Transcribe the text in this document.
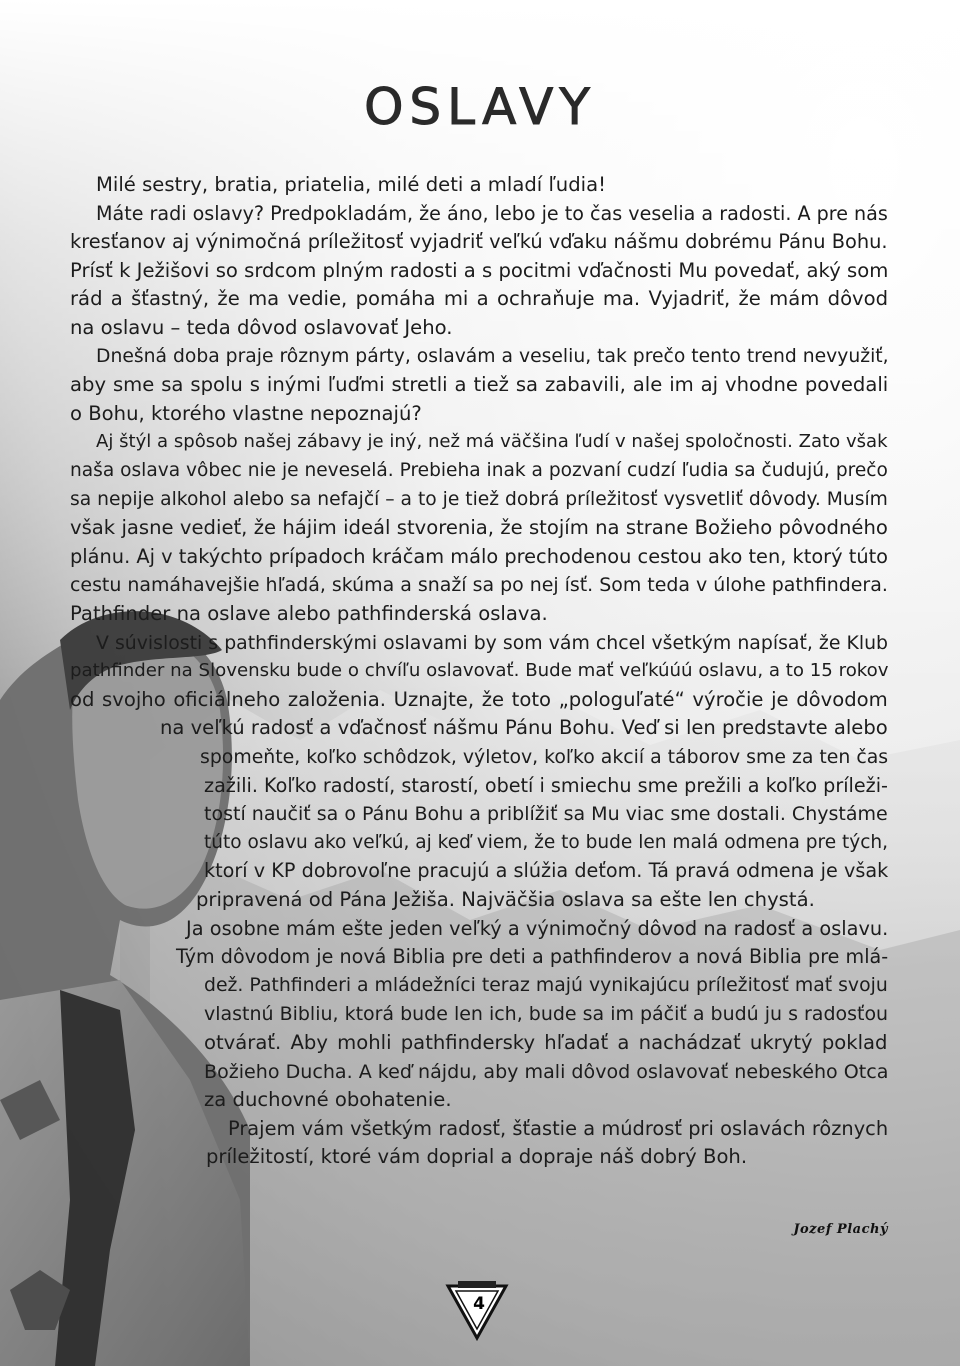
OSLAVY

Milé sestry, bratia, priatelia, milé deti a mladí ľudia!

Máte radi oslavy? Predpokladám, že áno, lebo je to čas veselia a radosti. A pre nás

kresťanov aj výnimočná príležitosť vyjadriť veľkú vďaku nášmu dobrému Pánu Bohu.

Prísť k Ježišovi so srdcom plným radosti a s pocitmi vďačnosti Mu povedať, aký som

rád a šťastný, že ma vedie, pomáha mi a ochraňuje ma. Vyjadriť, že mám dôvod

na oslavu – teda dôvod oslavovať Jeho.

Dnešná doba praje rôznym párty, oslavám a veseliu, tak prečo tento trend nevyužiť,

aby sme sa spolu s inými ľuďmi stretli a tiež sa zabavili, ale im aj vhodne povedali

o Bohu, ktorého vlastne nepoznajú?

Aj štýl a spôsob našej zábavy je iný, než má väčšina ľudí v našej spoločnosti. Zato však

naša oslava vôbec nie je neveselá. Prebieha inak a pozvaní cudzí ľudia sa čudujú, prečo

sa nepije alkohol alebo sa nefajčí – a to je tiež dobrá príležitosť vysvetliť dôvody. Musím

však jasne vedieť, že hájim ideál stvorenia, že stojím na strane Božieho pôvodného

plánu. Aj v takýchto prípadoch kráčam málo prechodenou cestou ako ten, ktorý túto

cestu namáhavejšie hľadá, skúma a snaží sa po nej ísť. Som teda v úlohe pathfindera.

Pathfinder na oslave alebo pathfinderská oslava.

V súvislosti s pathfinderskými oslavami by som vám chcel všetkým napísať, že Klub

pathfinder na Slovensku bude o chvíľu oslavovať. Bude mať veľkúúú oslavu, a to 15 rokov

od svojho oficiálneho založenia. Uznajte, že toto „pologuľaté“ výročie je dôvodom

na veľkú radosť a vďačnosť nášmu Pánu Bohu. Veď si len predstavte alebo

spomeňte, koľko schôdzok, výletov, koľko akcií a táborov sme za ten čas

zažili. Koľko radostí, starostí, obetí i smiechu sme prežili a koľko príleži-

tostí naučiť sa o Pánu Bohu a priblížiť sa Mu viac sme dostali. Chystáme

túto oslavu ako veľkú, aj keď viem, že to bude len malá odmena pre tých,

ktorí v KP dobrovoľne pracujú a slúžia deťom. Tá pravá odmena je však

pripravená od Pána Ježiša. Najväčšia oslava sa ešte len chystá.

Ja osobne mám ešte jeden veľký a výnimočný dôvod na radosť a oslavu.

Tým dôvodom je nová Biblia pre deti a pathfinderov a nová Biblia pre mlá-

dež. Pathfinderi a mládežníci teraz majú vynikajúcu príležitosť mať svoju

vlastnú Bibliu, ktorá bude len ich, bude sa im páčiť a budú ju s radosťou

otvárať. Aby mohli pathfindersky hľadať a nachádzať ukrytý poklad

Božieho Ducha. A keď nájdu, aby mali dôvod oslavovať nebeského Otca

za duchovné obohatenie.

Prajem vám všetkým radosť, šťastie a múdrosť pri oslavách rôznych

príležitostí, ktoré vám doprial a dopraje náš dobrý Boh.

Jozef Plachý

4
